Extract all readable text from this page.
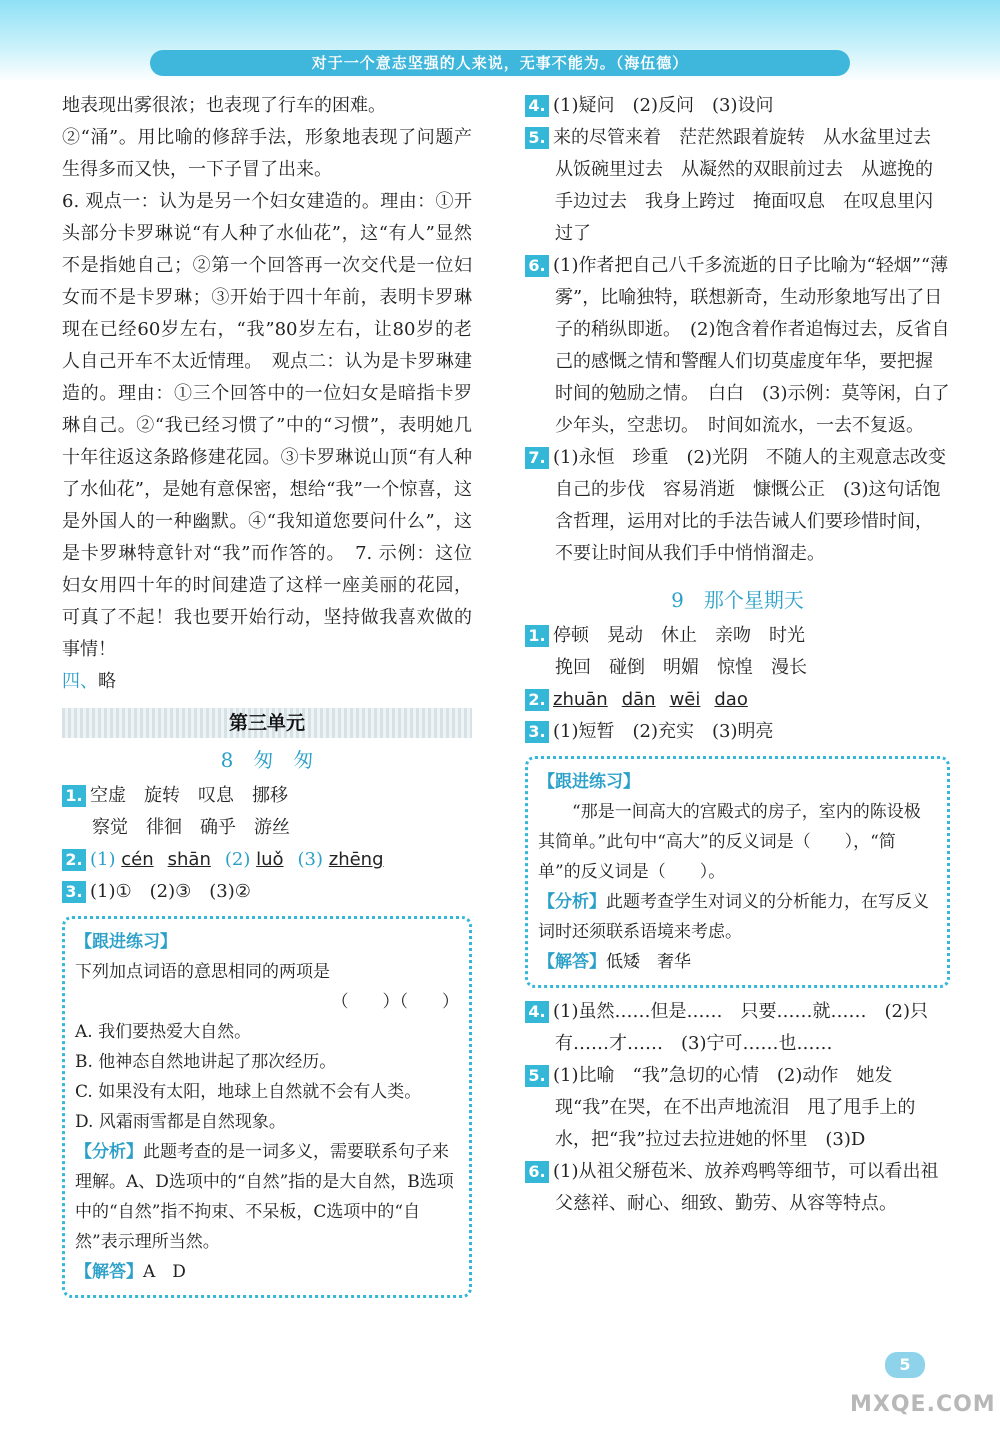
对于一个意志坚强的人来说，无事不能为。（海伍德）

地表现出雾很浓；也表现了行车的困难。

②“涌”。用比喻的修辞手法，形象地表现了问题产生得多而又快，一下子冒了出来。

6. 观点一：认为是另一个妇女建造的。理由：①开头部分卡罗琳说“有人种了水仙花”，这“有人”显然不是指她自己；②第一个回答再一次交代是一位妇女而不是卡罗琳；③开始于四十年前，表明卡罗琳现在已经60岁左右，“我”80岁左右，让80岁的老人自己开车不太近情理。　观点二：认为是卡罗琳建造的。理由：①三个回答中的一位妇女是暗指卡罗琳自己。②“我已经习惯了”中的“习惯”，表明她几十年往返这条路修建花园。③卡罗琳说山顶“有人种了水仙花”，是她有意保密，想给“我”一个惊喜，这是外国人的一种幽默。④“我知道您要问什么”，这是卡罗琳特意针对“我”而作答的。　7. 示例：这位妇女用四十年的时间建造了这样一座美丽的花园，可真了不起！我也要开始行动，坚持做我喜欢做的事情！

四、略
第三单元
8　匆　匆
1. 空虚　旋转　叹息　挪移
察觉　徘徊　确乎　游丝
2. (1) cén shān (2) luǒ (3) zhēng
3. (1)①　(2)③　(3)②
【跟进练习】
下列加点词语的意思相同的两项是
（　　）（　　）
A. 我们要热爱大自然。
B. 他神态自然地讲起了那次经历。
C. 如果没有太阳，地球上自然就不会有人类。
D. 风霜雨雪都是自然现象。
【分析】此题考查的是一词多义，需要联系句子来理解。A、D选项中的“自然”指的是大自然，B选项中的“自然”指不拘束、不呆板，C选项中的“自然”表示理所当然。
【解答】A　D
4. (1)疑问　(2)反问　(3)设问
5. 来的尽管来着　茫茫然跟着旋转　从水盆里过去　从饭碗里过去　从凝然的双眼前过去　从遮挽的手边过去　我身上跨过　掩面叹息　在叹息里闪过了
6. (1)作者把自己八千多流逝的日子比喻为“轻烟”“薄雾”，比喻独特，联想新奇，生动形象地写出了日子的稍纵即逝。　(2)饱含着作者追悔过去，反省自己的感慨之情和警醒人们切莫虚度年华，要把握时间的勉励之情。　白白　(3)示例：莫等闲，白了少年头，空悲切。　时间如流水，一去不复返。
7. (1)永恒　珍重　(2)光阴　不随人的主观意志改变自己的步伐　容易消逝　慷慨公正　(3)这句话饱含哲理，运用对比的手法告诫人们要珍惜时间，不要让时间从我们手中悄悄溜走。
9　那个星期天
1. 停顿　晃动　休止　亲吻　时光
挽回　碰倒　明媚　惊惶　漫长
2. zhuān dān wēi dao
3. (1)短暂　(2)充实　(3)明亮
【跟进练习】
“那是一间高大的宫殿式的房子，室内的陈设极其简单。”此句中“高大”的反义词是（　　），“简单”的反义词是（　　）。
【分析】此题考查学生对词义的分析能力，在写反义词时还须联系语境来考虑。
【解答】低矮　奢华
4. (1)虽然……但是……　只要……就……　(2)只有……才……　(3)宁可……也……
5. (1)比喻　“我”急切的心情　(2)动作　她发现“我”在哭，在不出声地流泪　甩了甩手上的水，把“我”拉过去拉进她的怀里　(3)D
6. (1)从祖父掰苞米、放养鸡鸭等细节，可以看出祖父慈祥、耐心、细致、勤劳、从容等特点。
5
MXQE.COM
